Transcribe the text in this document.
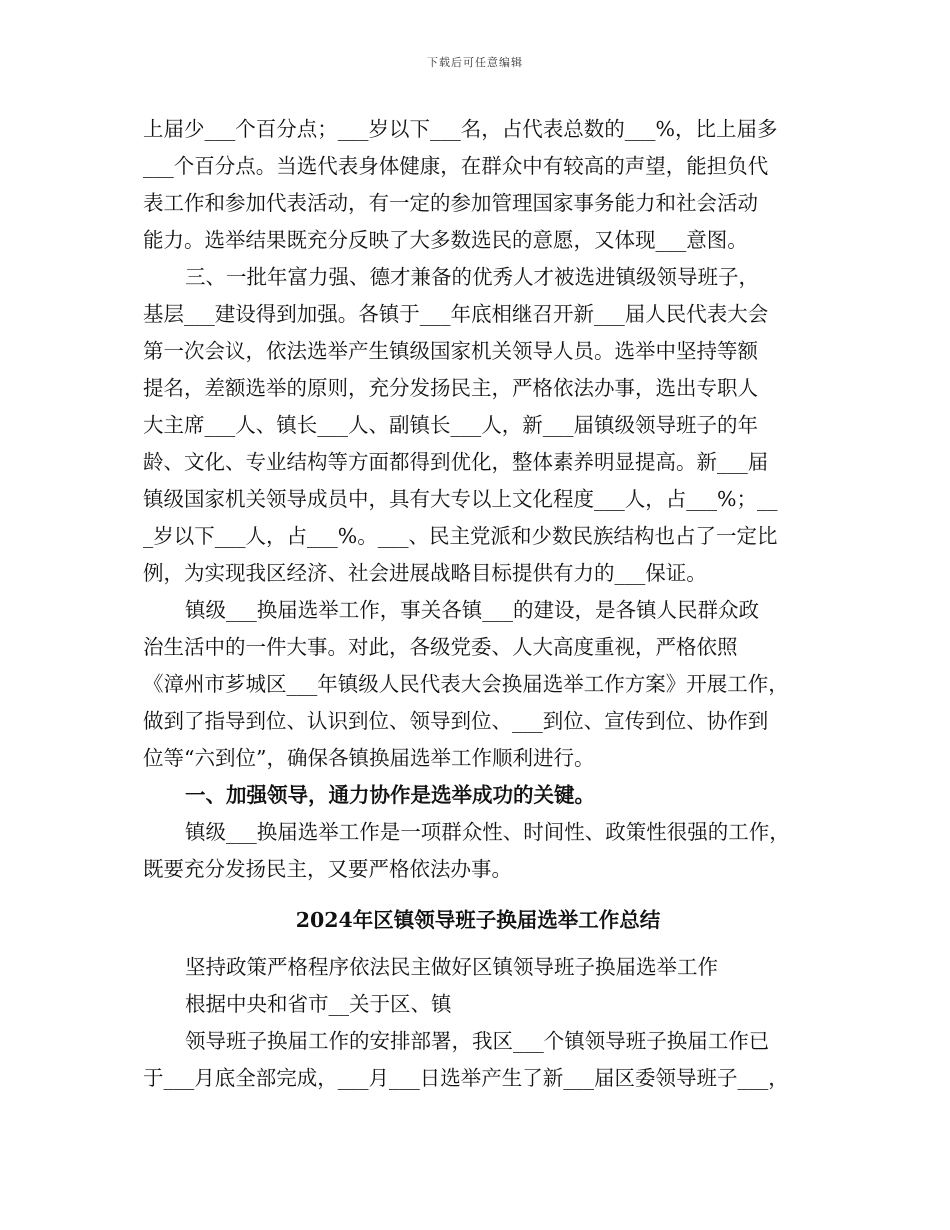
下载后可任意编辑
上届少___个百分点；___岁以下___名，占代表总数的___%，比上届多
___个百分点。当选代表身体健康，在群众中有较高的声望，能担负代
表工作和参加代表活动，有一定的参加管理国家事务能力和社会活动
能力。选举结果既充分反映了大多数选民的意愿，又体现___意图。
三、一批年富力强、德才兼备的优秀人才被选进镇级领导班子，
基层___建设得到加强。各镇于___年底相继召开新___届人民代表大会
第一次会议，依法选举产生镇级国家机关领导人员。选举中坚持等额
提名，差额选举的原则，充分发扬民主，严格依法办事，选出专职人
大主席___人、镇长___人、副镇长___人，新___届镇级领导班子的年
龄、文化、专业结构等方面都得到优化，整体素养明显提高。新___届
镇级国家机关领导成员中，具有大专以上文化程度___人，占___%；__
_岁以下___人，占___%。___、民主党派和少数民族结构也占了一定比
例，为实现我区经济、社会进展战略目标提供有力的___保证。
镇级___换届选举工作，事关各镇___的建设，是各镇人民群众政
治生活中的一件大事。对此，各级党委、人大高度重视，严格依照
《漳州市芗城区___年镇级人民代表大会换届选举工作方案》开展工作，
做到了指导到位、认识到位、领导到位、___到位、宣传到位、协作到
位等“六到位”，确保各镇换届选举工作顺利进行。
一、加强领导，通力协作是选举成功的关键。
镇级___换届选举工作是一项群众性、时间性、政策性很强的工作，
既要充分发扬民主，又要严格依法办事。
2024年区镇领导班子换届选举工作总结
坚持政策严格程序依法民主做好区镇领导班子换届选举工作
根据中央和省市__关于区、镇
领导班子换届工作的安排部署，我区___个镇领导班子换届工作已
于___月底全部完成，___月___日选举产生了新___届区委领导班子___，
